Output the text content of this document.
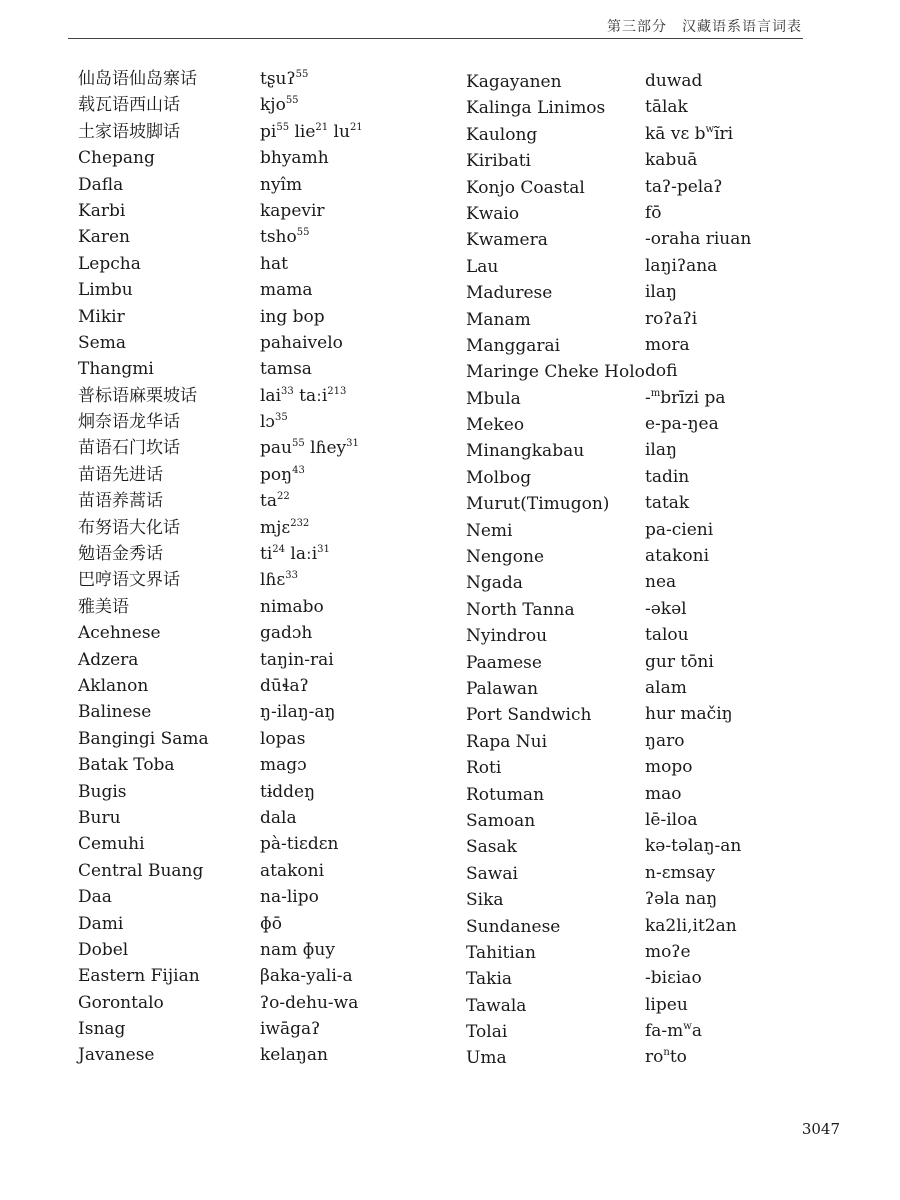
第三部分　汉藏语系语言词表
仙岛语仙岛寨话
载瓦语西山话
土家语坡脚话
Chepang
Dafla
Karbi
Karen
Lepcha
Limbu
Mikir
Sema
Thangmi
普标语麻栗坡话
炯奈语龙华话
苗语石门坎话
苗语先进话
苗语养蒿话
布努语大化话
勉语金秀话
巴哼语文界话
雅美语
Acehnese
Adzera
Aklanon
Balinese
Bangingi Sama
Batak Toba
Bugis
Buru
Cemuhi
Central Buang
Daa
Dami
Dobel
Eastern Fijian
Gorontalo
Isnag
Javanese
tʂuʔ$^{55}$
kjo$^{55}$
$pi^{55}$ lie$^{21}$ $lu^{21}$
bhyamh
nyîm
kapevir
tsho$^{55}$
hat
mama
ing bop
pahaivelo
tamsa
lai$^{33}$ taːi$^{213}$
lɔ$^{35}$
pau$^{55}$ lɦey$^{31}$
poŋ$^{43}$
$ta^{22}$
mjɛ$^{232}$
$ti^{24}$ laːi$^{31}$
lɦɛ$^{33}$
nimabo
gadɔh
taŋin-rai
dūɬaʔ
ŋ-ilaŋ-aŋ
lopas
magɔ
tɨddeŋ
dala
pà-tiɛdɛn
atakoni
na-lipo
ɸō
nam ɸuy
βaka-yali-a
ʔo-dehu-wa
iwāgaʔ
kelaŋan
Kagayanen
Kalinga Linimos
Kaulong
Kiribati
Konjo Coastal
Kwaio
Kwamera
Lau
Madurese
Manam
Manggarai
Maringe Cheke Holo
Mbula
Mekeo
Minangkabau
Molbog
Murut(Timugon)
Nemi
Nengone
Ngada
North Tanna
Nyindrou
Paamese
Palawan
Port Sandwich
Rapa Nui
Roti
Rotuman
Samoan
Sasak
Sawai
Sika
Sundanese
Tahitian
Takia
Tawala
Tolai
Uma
duwad
tālak
kā vɛ $b^wĩri$
kabuā
taʔ-pelaʔ
fō
-oraha riuan
laŋiʔana
ilaŋ
roʔaʔi
mora
dofi
-$^m$brīzi pa
e-pa-ŋea
ilaŋ
tadin
tatak
pa-cieni
atakoni
nea
-əkəl
talou
gur tōni
alam
hur mačiŋ
ŋaro
mopo
mao
lē-iloa
kə-təlaŋ-an
n-ɛmsay
ʔəla naŋ
ka2li,it2an
moʔe
-biɛiao
lipeu
$fa-m^wa$
$ro^nto$
3047
